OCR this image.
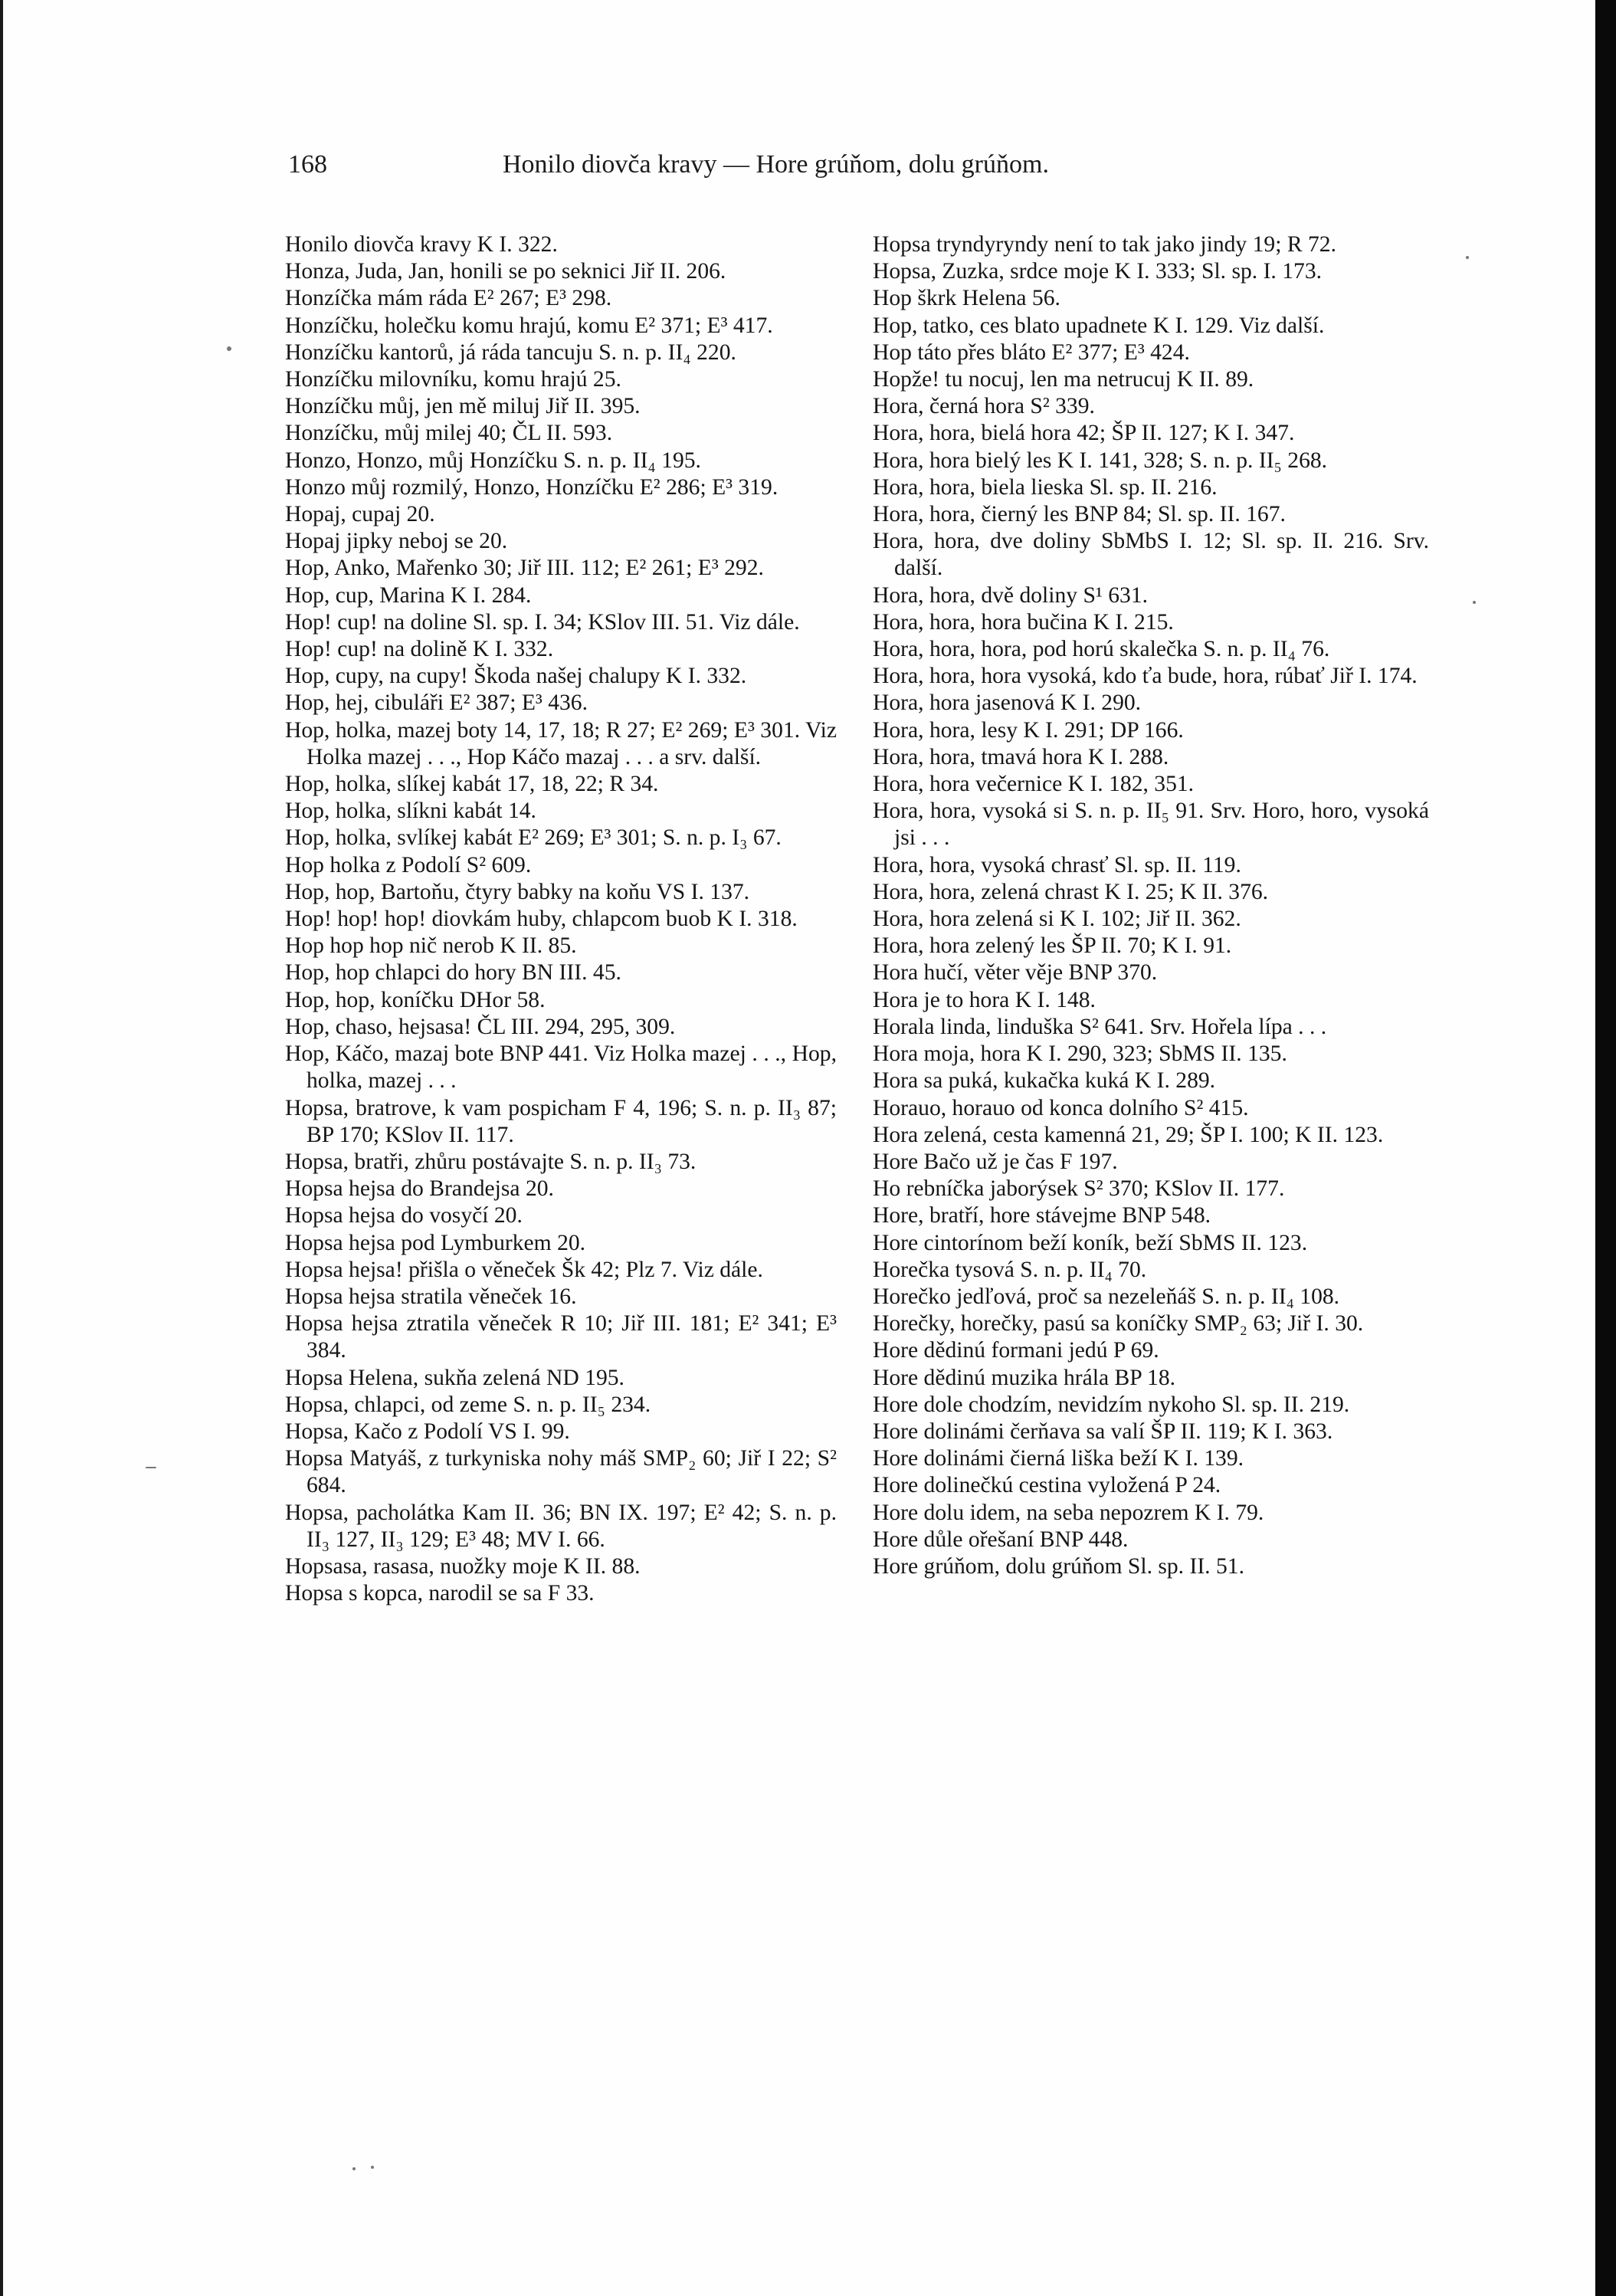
168	Honilo diovča kravy — Hore grúňom, dolu grúňom.

Honilo diovča kravy K I. 322.

Honza, Juda, Jan, honili se po seknici Jiř II. 206.

Honzíčka mám ráda E² 267; E³ 298.

Honzíčku, holečku komu hrajú, komu E² 371; E³ 417.

Honzíčku kantorů, já ráda tancuju S. n. p. II₄ 220.

Honzíčku milovníku, komu hrajú 25.

Honzíčku můj, jen mě miluj Jiř II. 395.

Honzíčku, můj milej 40; ČL II. 593.

Honzo, Honzo, můj Honzíčku S. n. p. II₄ 195.

Honzo můj rozmilý, Honzo, Honzíčku E² 286; E³ 319.

Hopaj, cupaj 20.

Hopaj jipky neboj se 20.

Hop, Anko, Mařenko 30; Jiř III. 112; E² 261; E³ 292.

Hop, cup, Marina K I. 284.

Hop! cup! na doline Sl. sp. I. 34; KSlov III. 51. Viz dále.

Hop! cup! na dolině K I. 332.

Hop, cupy, na cupy! Škoda našej chalupy K I. 332.

Hop, hej, cibuláři E² 387; E³ 436.

Hop, holka, mazej boty 14, 17, 18; R 27; E² 269; E³ 301. Viz Holka mazej . . ., Hop Káčo mazaj . . . a srv. další.

Hop, holka, slíkej kabát 17, 18, 22; R 34.

Hop, holka, slíkni kabát 14.

Hop, holka, svlíkej kabát E² 269; E³ 301; S. n. p. I₃ 67.

Hop holka z Podolí S² 609.

Hop, hop, Bartoňu, čtyry babky na koňu VS I. 137.

Hop! hop! hop! diovkám huby, chlapcom buob K I. 318.

Hop hop hop nič nerob K II. 85.

Hop, hop chlapci do hory BN III. 45.

Hop, hop, koníčku DHor 58.

Hop, chaso, hejsasa! ČL III. 294, 295, 309.

Hop, Káčo, mazaj bote BNP 441. Viz Holka mazej . . ., Hop, holka, mazej . . .

Hopsa, bratrove, k vam pospicham F 4, 196; S. n. p. II₃ 87; BP 170; KSlov II. 117.

Hopsa, bratři, zhůru postávajte S. n. p. II₃ 73.

Hopsa hejsa do Brandejsa 20.

Hopsa hejsa do vosyčí 20.

Hopsa hejsa pod Lymburkem 20.

Hopsa hejsa! přišla o věneček Šk 42; Plz 7. Viz dále.

Hopsa hejsa stratila věneček 16.

Hopsa hejsa ztratila věneček R 10; Jiř III. 181; E² 341; E³ 384.

Hopsa Helena, sukňa zelená ND 195.

Hopsa, chlapci, od zeme S. n. p. II₅ 234.

Hopsa, Kačo z Podolí VS I. 99.

Hopsa Matyáš, z turkyniska nohy máš SMP₂ 60; Jiř I 22; S² 684.

Hopsa, pacholátka Kam II. 36; BN IX. 197; E² 42; S. n. p. II₃ 127, II₃ 129; E³ 48; MV I. 66.

Hopsasa, rasasa, nuožky moje K II. 88.

Hopsa s kopca, narodil se sa F 33.

Hopsa tryndyryndy není to tak jako jindy 19; R 72.

Hopsa, Zuzka, srdce moje K I. 333; Sl. sp. I. 173.

Hop škrk Helena 56.

Hop, tatko, ces blato upadnete K I. 129. Viz další.

Hop táto přes bláto E² 377; E³ 424.

Hopže! tu nocuj, len ma netrucuj K II. 89.

Hora, černá hora S² 339.

Hora, hora, bielá hora 42; ŠP II. 127; K I. 347.

Hora, hora bielý les K I. 141, 328; S. n. p. II₅ 268.

Hora, hora, biela lieska Sl. sp. II. 216.

Hora, hora, čierný les BNP 84; Sl. sp. II. 167.

Hora, hora, dve doliny SbMbS I. 12; Sl. sp. II. 216. Srv. další.

Hora, hora, dvě doliny S¹ 631.

Hora, hora, hora bučina K I. 215.

Hora, hora, hora, pod horú skalečka S. n. p. II₄ 76.

Hora, hora, hora vysoká, kdo ťa bude, hora, rúbať Jiř I. 174.

Hora, hora jasenová K I. 290.

Hora, hora, lesy K I. 291; DP 166.

Hora, hora, tmavá hora K I. 288.

Hora, hora večernice K I. 182, 351.

Hora, hora, vysoká si S. n. p. II₅ 91. Srv. Horo, horo, vysoká jsi . . .

Hora, hora, vysoká chrasť Sl. sp. II. 119.

Hora, hora, zelená chrast K I. 25; K II. 376.

Hora, hora zelená si K I. 102; Jiř II. 362.

Hora, hora zelený les ŠP II. 70; K I. 91.

Hora hučí, věter věje BNP 370.

Hora je to hora K I. 148.

Horala linda, linduška S² 641. Srv. Hořela lípa . . .

Hora moja, hora K I. 290, 323; SbMS II. 135.

Hora sa puká, kukačka kuká K I. 289.

Horauo, horauo od konca dolního S² 415.

Hora zelená, cesta kamenná 21, 29; ŠP I. 100; K II. 123.

Hore Bačo už je čas F 197.

Ho rebníčka jaborýsek S² 370; KSlov II. 177.

Hore, bratří, hore stávejme BNP 548.

Hore cintorínom beží koník, beží SbMS II. 123.

Horečka tysová S. n. p. II₄ 70.

Horečko jedľová, proč sa nezeleňáš S. n. p. II₄ 108.

Horečky, horečky, pasú sa koníčky SMP₂ 63; Jiř I. 30.

Hore dědinú formani jedú P 69.

Hore dědinú muzika hrála BP 18.

Hore dole chodzím, nevidzím nykoho Sl. sp. II. 219.

Hore dolinámi čerňava sa valí ŠP II. 119; K I. 363.

Hore dolinámi čierná liška beží K I. 139.

Hore dolinečkú cestina vyložená P 24.

Hore dolu idem, na seba nepozrem K I. 79.

Hore důle ořešaní BNP 448.

Hore grúňom, dolu grúňom Sl. sp. II. 51.
